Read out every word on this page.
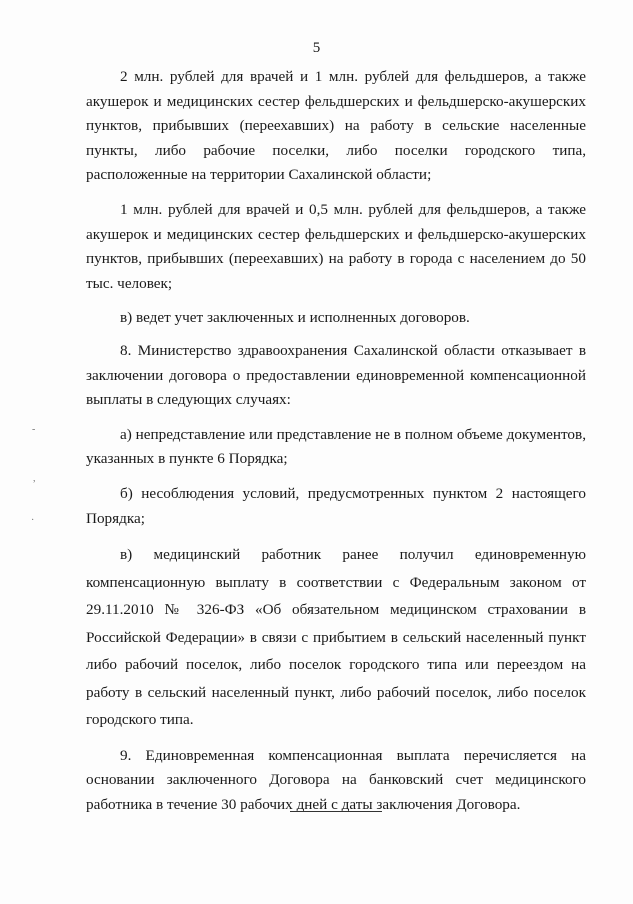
5

2 млн. рублей для врачей и 1 млн. рублей для фельдшеров, а также акушерок и медицинских сестер фельдшерских и фельдшерско-акушерских пунктов, прибывших (переехавших) на работу в сельские населенные пункты, либо рабочие поселки, либо поселки городского типа, расположенные на территории Сахалинской области;

1 млн. рублей для врачей и 0,5 млн. рублей для фельдшеров, а также акушерок и медицинских сестер фельдшерских и фельдшерско-акушерских пунктов, прибывших (переехавших) на работу в города с населением до 50 тыс. человек;

в) ведет учет заключенных и исполненных договоров.

8. Министерство здравоохранения Сахалинской области отказывает в заключении договора о предоставлении единовременной компенсационной выплаты в следующих случаях:

а) непредставление или представление не в полном объеме документов, указанных в пункте 6 Порядка;

б) несоблюдения условий, предусмотренных пунктом 2 настоящего Порядка;

в) медицинский работник ранее получил единовременную компенсационную выплату в соответствии с Федеральным законом от 29.11.2010 № 326-ФЗ «Об обязательном медицинском страховании в Российской Федерации» в связи с прибытием в сельский населенный пункт либо рабочий поселок, либо поселок городского типа или переездом на работу в сельский населенный пункт, либо рабочий поселок, либо поселок городского типа.

9. Единовременная компенсационная выплата перечисляется на основании заключенного Договора на банковский счет медицинского работника в течение 30 рабочих дней с даты заключения Договора.

-
,
·
